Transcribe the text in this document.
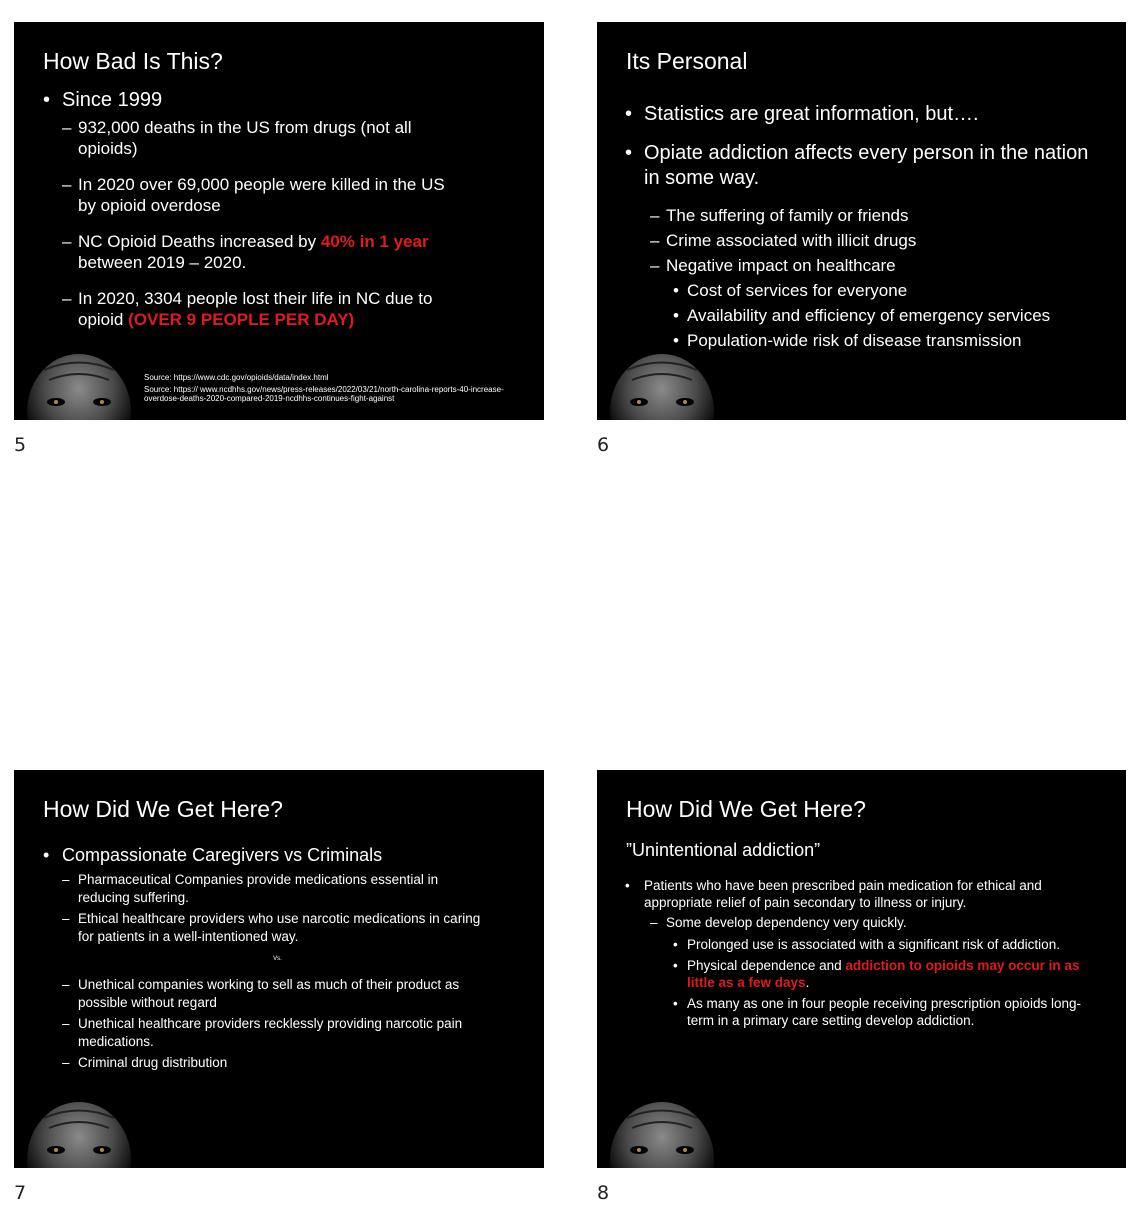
How Bad Is This?
• Since 1999
– 932,000 deaths in the US from drugs (not all opioids)
– In 2020 over 69,000 people were killed in the US by opioid overdose
– NC Opioid Deaths increased by 40% in 1 year between 2019 – 2020.
– In 2020, 3304 people lost their life in NC due to opioid (OVER 9 PEOPLE PER DAY)
Source: https://www.cdc.gov/opioids/data/index.html
Source: https:// www.ncdhhs.gov/news/press-releases/2022/03/21/north-carolina-reports-40-increase-overdose-deaths-2020-compared-2019-ncdhhs-continues-fight-against
5
Its Personal
• Statistics are great information, but….
• Opiate addiction affects every person in the nation in some way.
– The suffering of family or friends
– Crime associated with illicit drugs
– Negative impact on healthcare
• Cost of services for everyone
• Availability and efficiency of emergency services
• Population-wide risk of disease transmission
6
How Did We Get Here?
• Compassionate Caregivers vs Criminals
– Pharmaceutical Companies provide medications essential in reducing suffering.
– Ethical healthcare providers who use narcotic medications in caring for patients in a well-intentioned way.
Vs.
– Unethical companies working to sell as much of their product as possible without regard
– Unethical healthcare providers recklessly providing narcotic pain medications.
– Criminal drug distribution
7
How Did We Get Here?
”Unintentional addiction”
• Patients who have been prescribed pain medication for ethical and appropriate relief of pain secondary to illness or injury.
– Some develop dependency very quickly.
• Prolonged use is associated with a significant risk of addiction.
• Physical dependence and addiction to opioids may occur in as little as a few days.
• As many as one in four people receiving prescription opioids long-term in a primary care setting develop addiction.
8
